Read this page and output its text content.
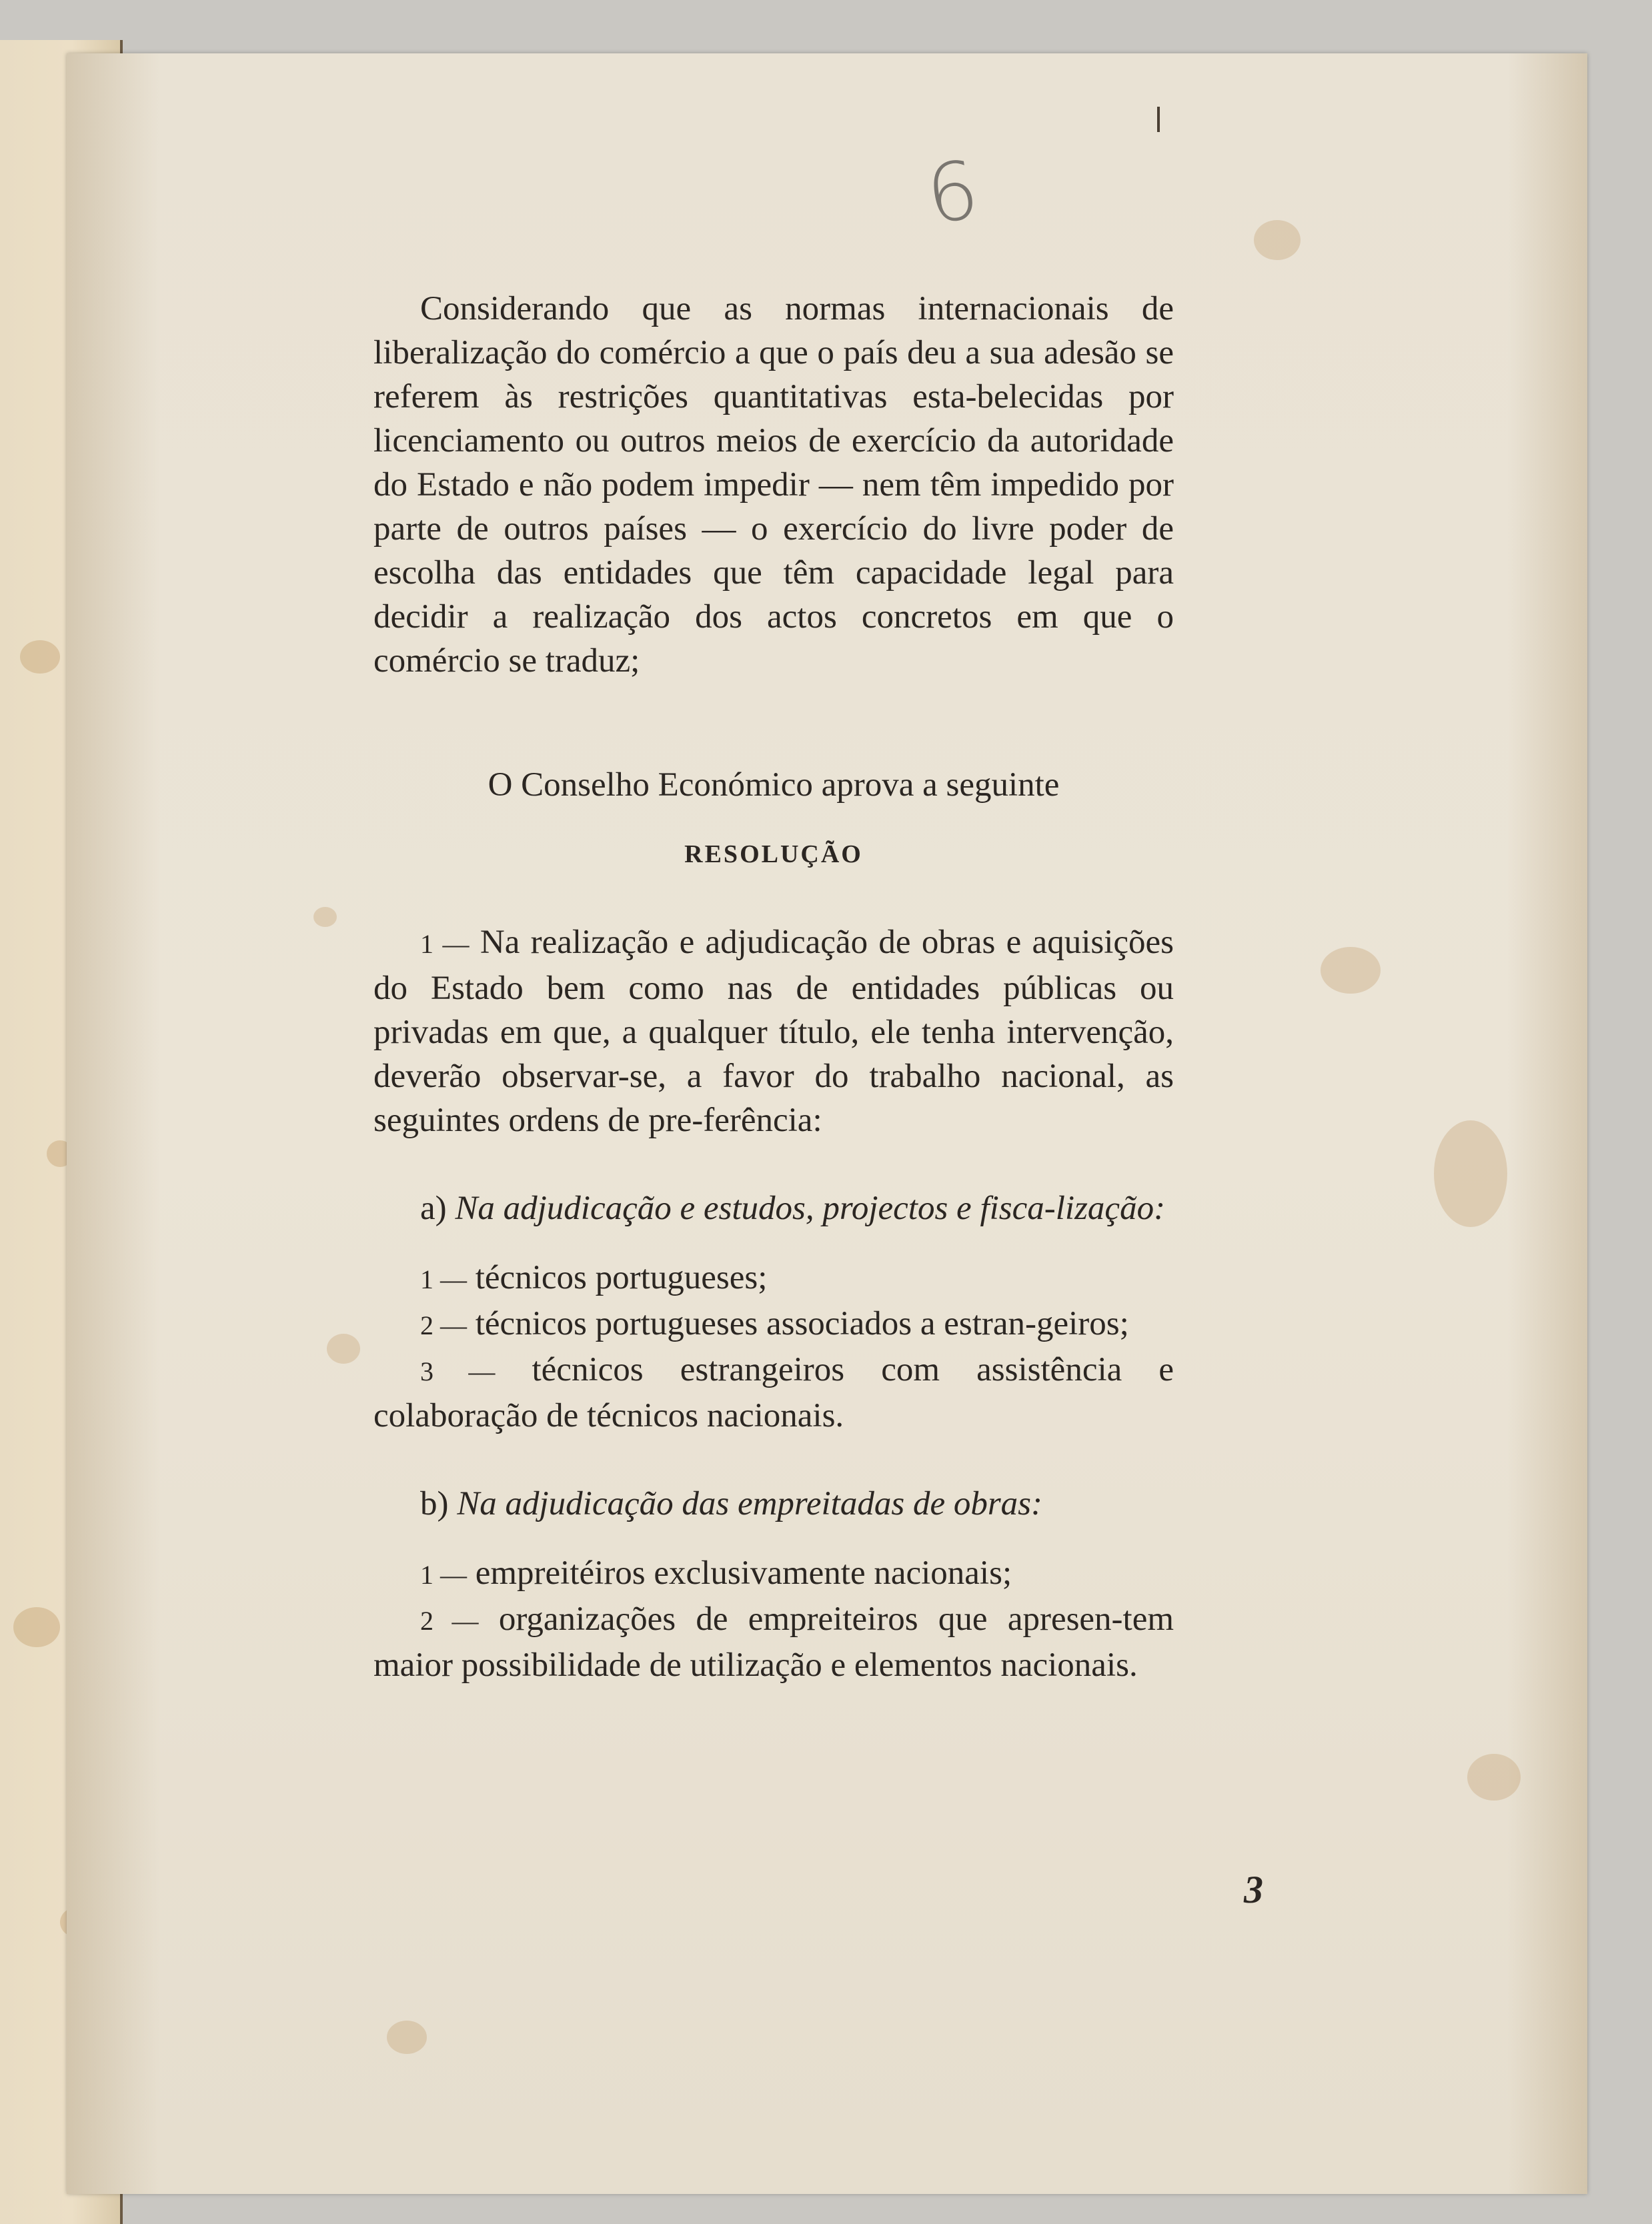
6

Considerando que as normas internacionais de liberalização do comércio a que o país deu a sua adesão se referem às restrições quantitativas esta-belecidas por licenciamento ou outros meios de exercício da autoridade do Estado e não podem impedir — nem têm impedido por parte de outros países — o exercício do livre poder de escolha das entidades que têm capacidade legal para decidir a realização dos actos concretos em que o comércio se traduz;

O Conselho Económico aprova a seguinte

RESOLUÇÃO

1 — Na realização e adjudicação de obras e aquisições do Estado bem como nas de entidades públicas ou privadas em que, a qualquer título, ele tenha intervenção, deverão observar-se, a favor do trabalho nacional, as seguintes ordens de pre-ferência:

a) Na adjudicação e estudos, projectos e fisca-lização:

1 — técnicos portugueses;

2 — técnicos portugueses associados a estran-geiros;

3 — técnicos estrangeiros com assistência e colaboração de técnicos nacionais.

b) Na adjudicação das empreitadas de obras:

1 — empreitéiros exclusivamente nacionais;

2 — organizações de empreiteiros que apresen-tem maior possibilidade de utilização e elementos nacionais.

3
